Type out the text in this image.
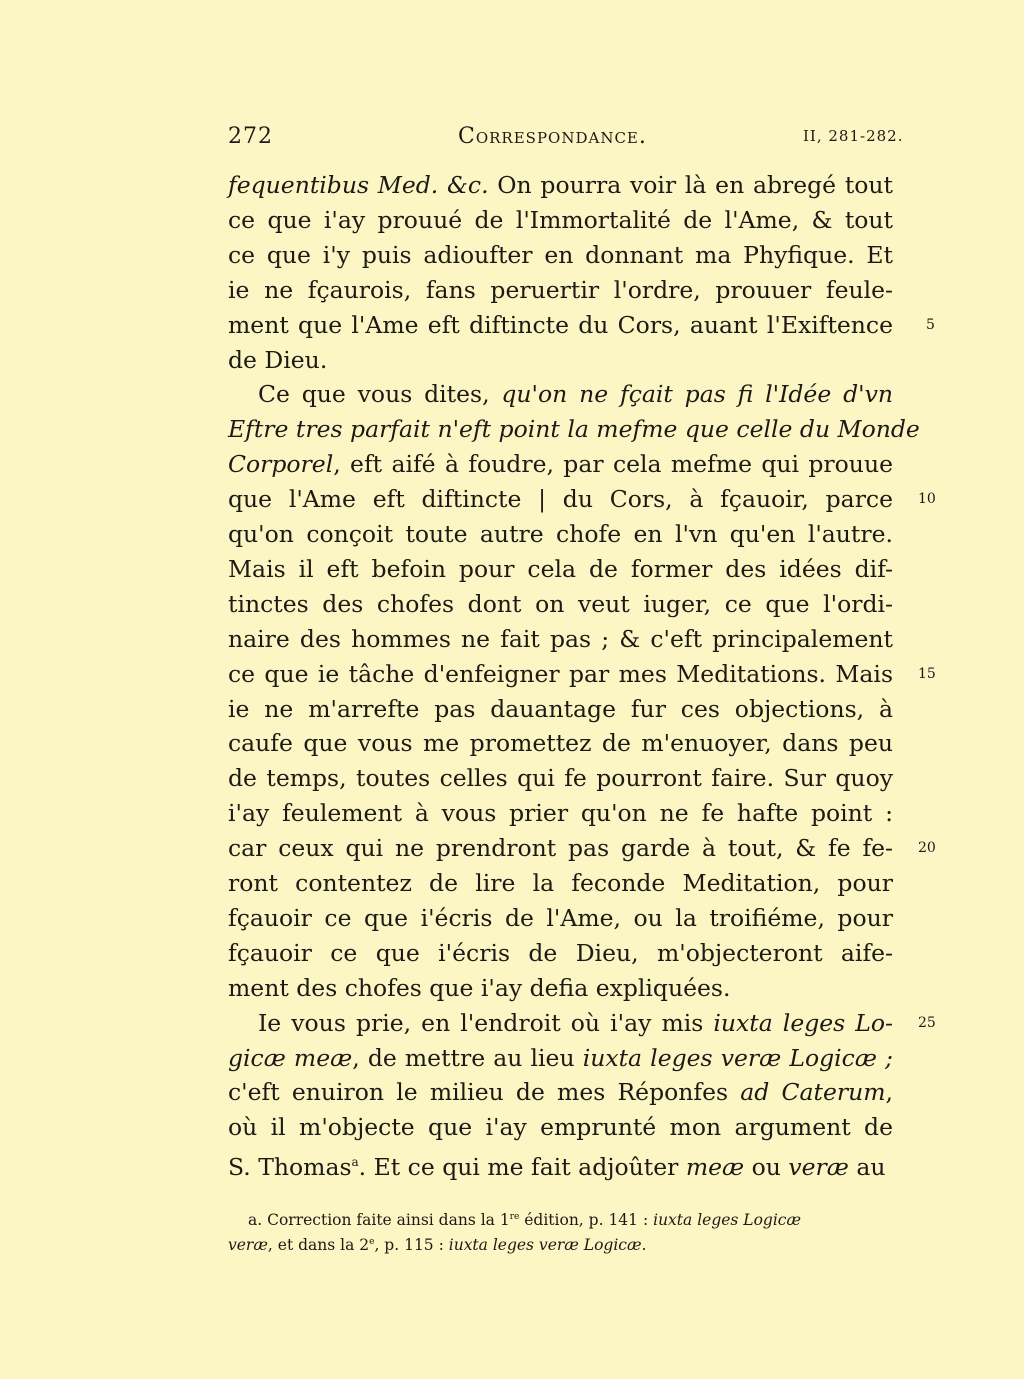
272	Correspondance.	II, 281-282.
fequentibus Med. &c. On pourra voir là en abregé tout
ce que i'ay prouué de l'Immortalité de l'Ame, & tout
ce que i'y puis adioufter en donnant ma Phyfique. Et
ie ne fçaurois, fans peruertir l'ordre, prouuer feule-
ment que l'Ame eft diftincte du Cors, auant l'Exiftence
de Dieu.
Ce que vous dites, qu'on ne fçait pas fi l'Idée d'vn
Eftre tres parfait n'eft point la mefme que celle du Monde
Corporel, eft aifé à foudre, par cela mefme qui prouue
que l'Ame eft diftincte | du Cors, à fçauoir, parce
qu'on conçoit toute autre chofe en l'vn qu'en l'autre.
Mais il eft befoin pour cela de former des idées dif-
tinctes des chofes dont on veut iuger, ce que l'ordi-
naire des hommes ne fait pas ; & c'eft principalement
ce que ie tâche d'enfeigner par mes Meditations. Mais
ie ne m'arrefte pas dauantage fur ces objections, à
caufe que vous me promettez de m'enuoyer, dans peu
de temps, toutes celles qui fe pourront faire. Sur quoy
i'ay feulement à vous prier qu'on ne fe hafte point :
car ceux qui ne prendront pas garde à tout, & fe fe-
ront contentez de lire la feconde Meditation, pour
fçauoir ce que i'écris de l'Ame, ou la troifiéme, pour
fçauoir ce que i'écris de Dieu, m'objecteront aife-
ment des chofes que i'ay defia expliquées.
Ie vous prie, en l'endroit où i'ay mis iuxta leges Lo-
gicæ meæ, de mettre au lieu iuxta leges veræ Logicæ ;
c'eft enuiron le milieu de mes Réponfes ad Caterum,
où il m'objecte que i'ay emprunté mon argument de
S. Thomas$^a$. Et ce qui me fait adjoûter meæ ou veræ au
5
10
15
20
25
a. Correction faite ainsi dans la 1re édition, p. 141 : iuxta leges Logicæ
veræ, et dans la 2e, p. 115 : iuxta leges veræ Logicæ.
